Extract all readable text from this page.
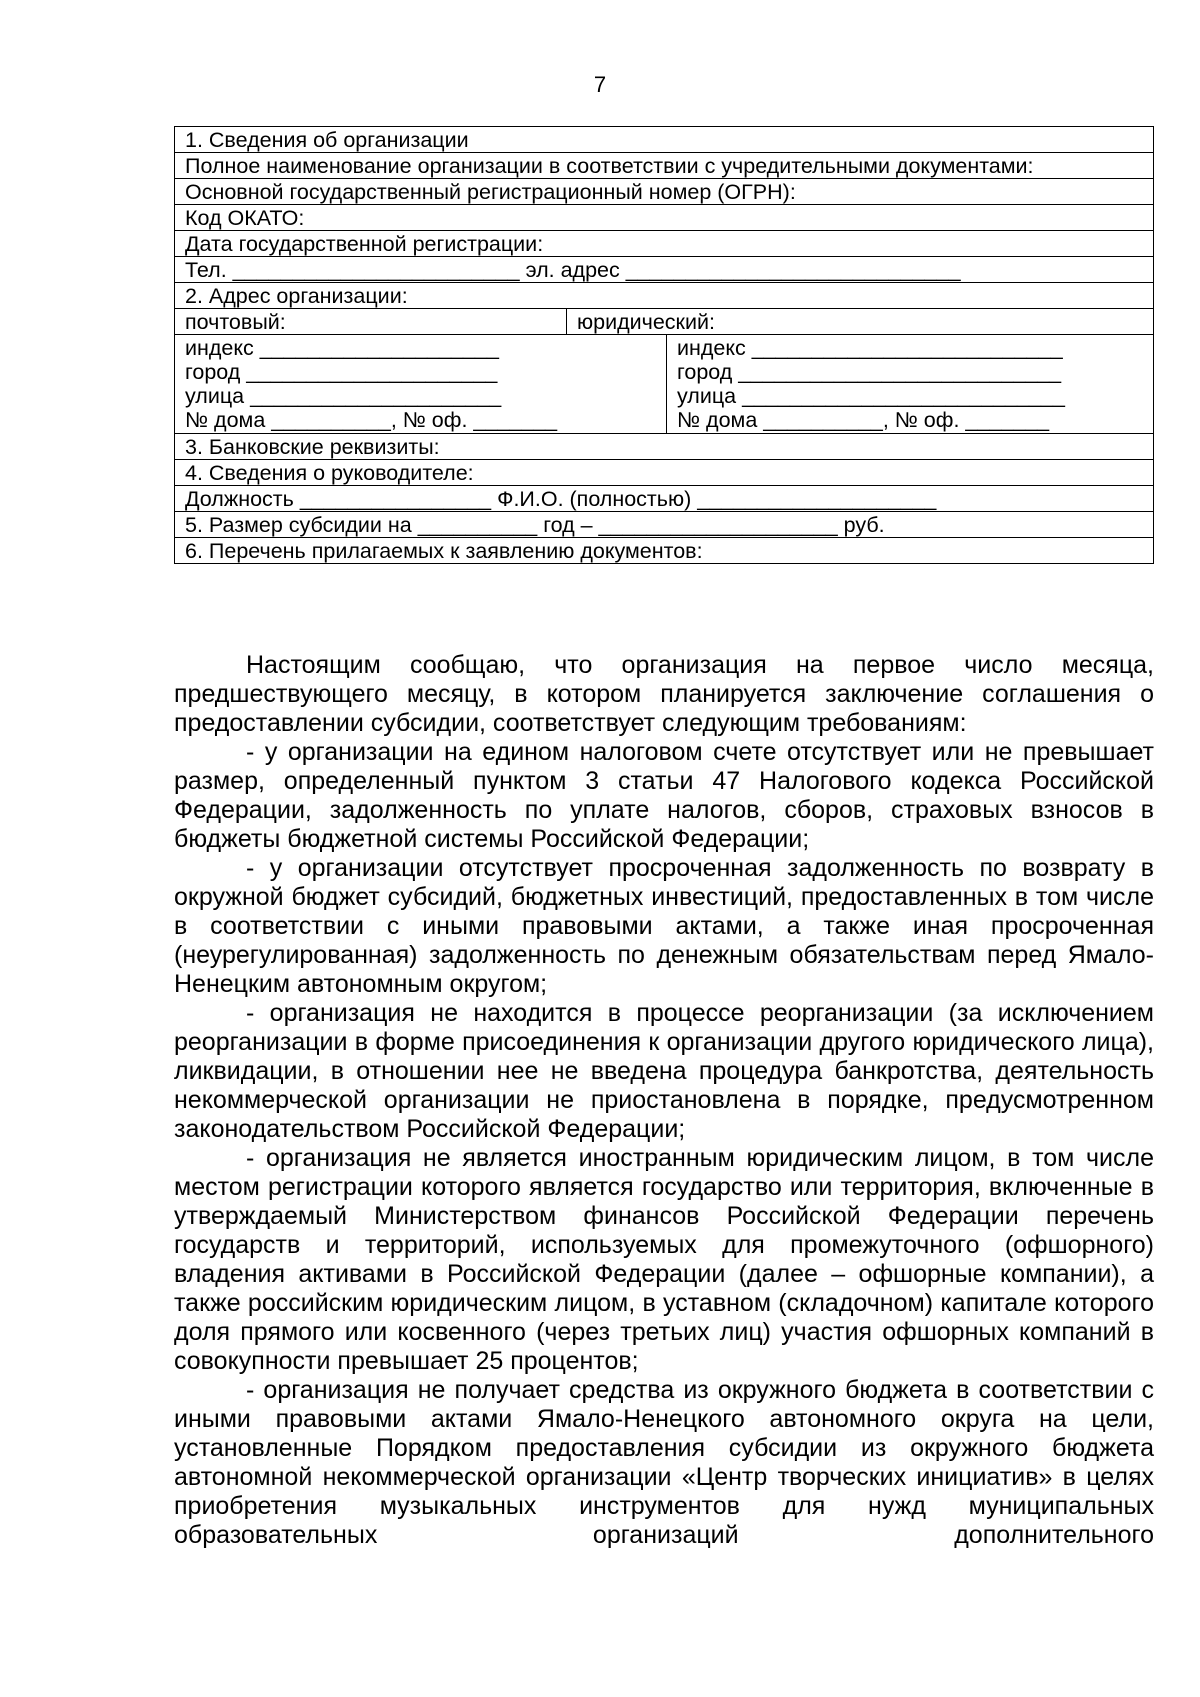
7
1. Сведения об организации
Полное наименование организации в соответствии с учредительными документами:
Основной государственный регистрационный номер (ОГРН):
Код ОКАТО:
Дата государственной регистрации:
Тел. ________________________ эл. адрес ____________________________
2. Адрес организации:

почтовый:	юридический:

индекс ____________________
город _____________________
улица _____________________
№ дома __________, № оф. _______

индекс __________________________
город ___________________________
улица ___________________________
№ дома __________, № оф. _______

3. Банковские реквизиты:
4. Сведения о руководителе:
Должность ________________ Ф.И.О. (полностью) ____________________
5. Размер субсидии на __________ год – ____________________ руб.
6. Перечень прилагаемых к заявлению документов:

Настоящим сообщаю, что организация на первое число месяца, предшествующего месяцу, в котором планируется заключение соглашения о предоставлении субсидии, соответствует следующим требованиям:

- у организации на едином налоговом счете отсутствует или не превышает размер, определенный пунктом 3 статьи 47 Налогового кодекса Российской Федерации, задолженность по уплате налогов, сборов, страховых взносов в бюджеты бюджетной системы Российской Федерации;

- у организации отсутствует просроченная задолженность по возврату в окружной бюджет субсидий, бюджетных инвестиций, предоставленных в том числе в соответствии с иными правовыми актами, а также иная просроченная (неурегулированная) задолженность по денежным обязательствам перед Ямало-Ненецким автономным округом;

- организация не находится в процессе реорганизации (за исключением реорганизации в форме присоединения к организации другого юридического лица), ликвидации, в отношении нее не введена процедура банкротства, деятельность некоммерческой организации не приостановлена в порядке, предусмотренном законодательством Российской Федерации;

- организация не является иностранным юридическим лицом, в том числе местом регистрации которого является государство или территория, включенные в утверждаемый Министерством финансов Российской Федерации перечень государств и территорий, используемых для промежуточного (офшорного) владения активами в Российской Федерации (далее – офшорные компании), а также российским юридическим лицом, в уставном (складочном) капитале которого доля прямого или косвенного (через третьих лиц) участия офшорных компаний в совокупности превышает 25 процентов;

- организация не получает средства из окружного бюджета в соответствии с иными правовыми актами Ямало-Ненецкого автономного округа на цели, установленные Порядком предоставления субсидии из окружного бюджета автономной некоммерческой организации «Центр творческих инициатив» в целях приобретения музыкальных инструментов для нужд муниципальных образовательных организаций дополнительного
